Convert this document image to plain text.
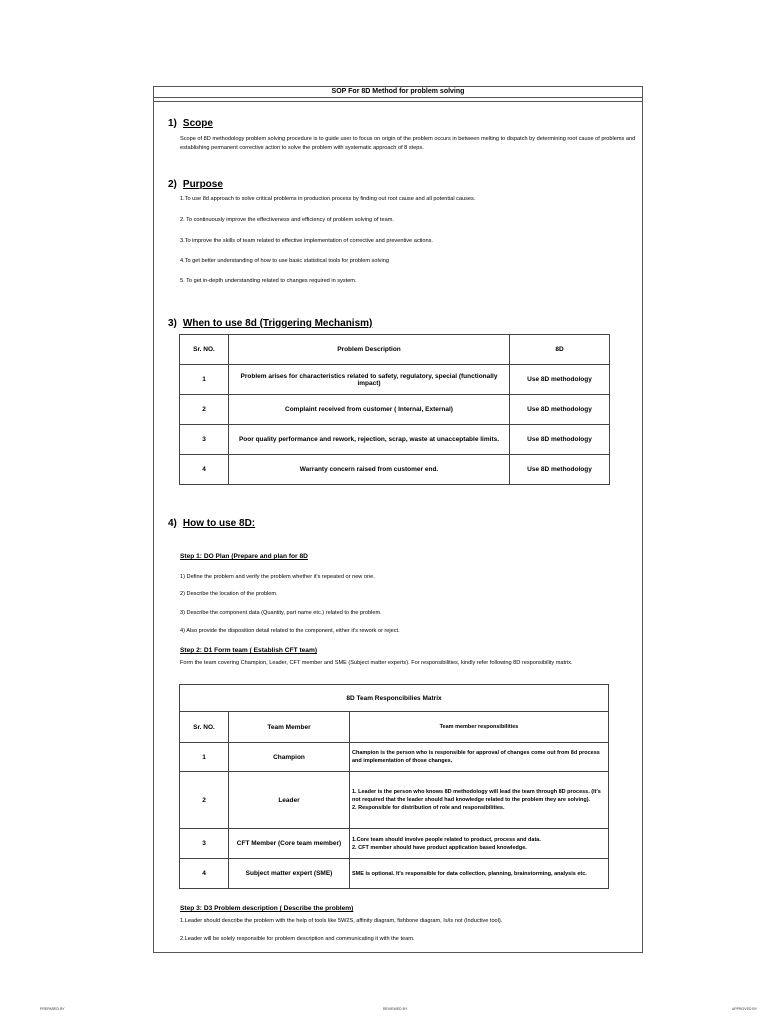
SOP For 8D Method for problem solving
1) Scope
Scope of 8D methodology problem solving procedure is to guide user to focus on origin of the problem occurs in between melting to dispatch by determining root cause of problems and establishing permanent corrective action to solve the problem with systematic approach of 8 steps.
2) Purpose
1.To use 8d approach to solve critical problems in production process by finding out root cause and all potential causes.
2. To continuously improve the effectiveness and efficiency of problem solving of team.
3.To improve the skills of team related to effective implementation of corrective and preventive actions.
4.To get better understanding of how to use basic statistical tools for problem solving
5. To get in-depth understanding related to changes required in system.
3) When to use 8d (Triggering Mechanism)
Sr. NO.	Problem Description	8D
1	Problem arises for characteristics related to safety, regulatory, special (functionally impact)	Use 8D methodology
2	Complaint received from customer ( Internal, External)	Use 8D methodology
3	Poor quality performance and rework, rejection, scrap, waste at unacceptable limits.	Use 8D methodology
4	Warranty concern raised from customer end.	Use 8D methodology
4) How to use 8D:
Step 1: DO Plan (Prepare and plan for 8D
1) Define the problem and verify the problem whether it's repeated or new one.
2) Describe the location of the problem.
3) Describe the component data (Quantity, part name etc.) related to the problem.
4) Also provide the disposition detail related to the component, either it's rework or reject.
Step 2: D1 Form team ( Establish CFT team)
Form the team covering Champion, Leader, CFT member and SME (Subject matter experts). For responsibilities, kindly refer following 8D responsibility matrix.
8D Team Responcibilies Matrix		
Sr. NO.	Team Member	Team member responsibilities
1	Champion	Champion is the person who is responsible for approval of changes come out from 8d process and implementation of those changes.
2	Leader	1. Leader is the person who knows 8D methodology will lead the team through 8D process. (It's not required that the leader should had knowledge related to the problem they are solving).
2. Responsible for distribution of role and responsibilities.
3	CFT Member (Core team member)	1.Core team should involve people related to product, process and data.
2. CFT member should have product application based knowledge.
4	Subject matter expert (SME)	SME is optional. It's responsible for data collection, planning, brainstorming, analysis etc.
Step 3: D3 Problem description ( Describe the problem)
1.Leader should describe the problem with the help of tools like 5W2S, affinity diagram, fishbone diagram, Is/is not (Inductive tool).
2.Leader will be solely responsible for problem description and communicating it with the team.
PREPARED BY	REVIEWED BY	APPROVED BY
